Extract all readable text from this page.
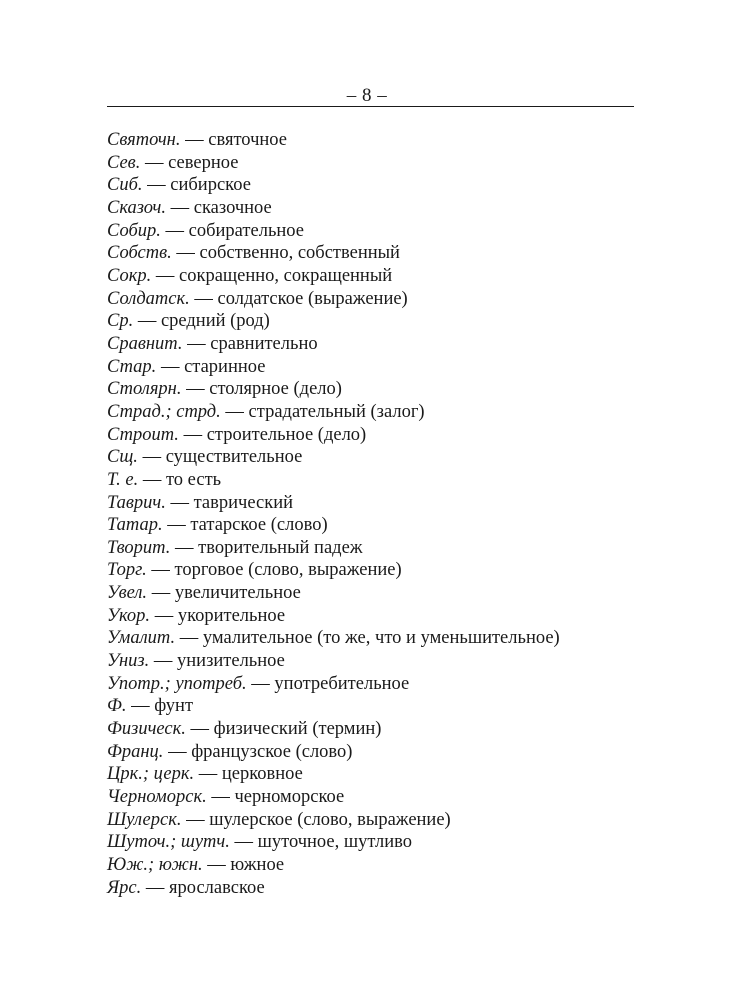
– 8 –
Святочн. — святочное
Сев. — северное
Сиб. — сибирское
Сказоч. — сказочное
Собир. — собирательное
Собств. — собственно, собственный
Сокр. — сокращенно, сокращенный
Солдатск. — солдатское (выражение)
Ср. — средний (род)
Сравнит. — сравнительно
Стар. — старинное
Столярн. — столярное (дело)
Страд.; стрд. — страдательный (залог)
Строит. — строительное (дело)
Сщ. — существительное
Т. е. — то есть
Таврич. — таврический
Татар. — татарское (слово)
Творит. — творительный падеж
Торг. — торговое (слово, выражение)
Увел. — увеличительное
Укор. — укорительное
Умалит. — умалительное (то же, что и уменьшительное)
Униз. — унизительное
Употр.; употреб. — употребительное
Ф. — фунт
Физическ. — физический (термин)
Франц. — французское (слово)
Црк.; церк. — церковное
Черноморск. — черноморское
Шулерск. — шулерское (слово, выражение)
Шуточ.; шутч. — шуточное, шутливо
Юж.; южн. — южное
Ярс. — ярославское
